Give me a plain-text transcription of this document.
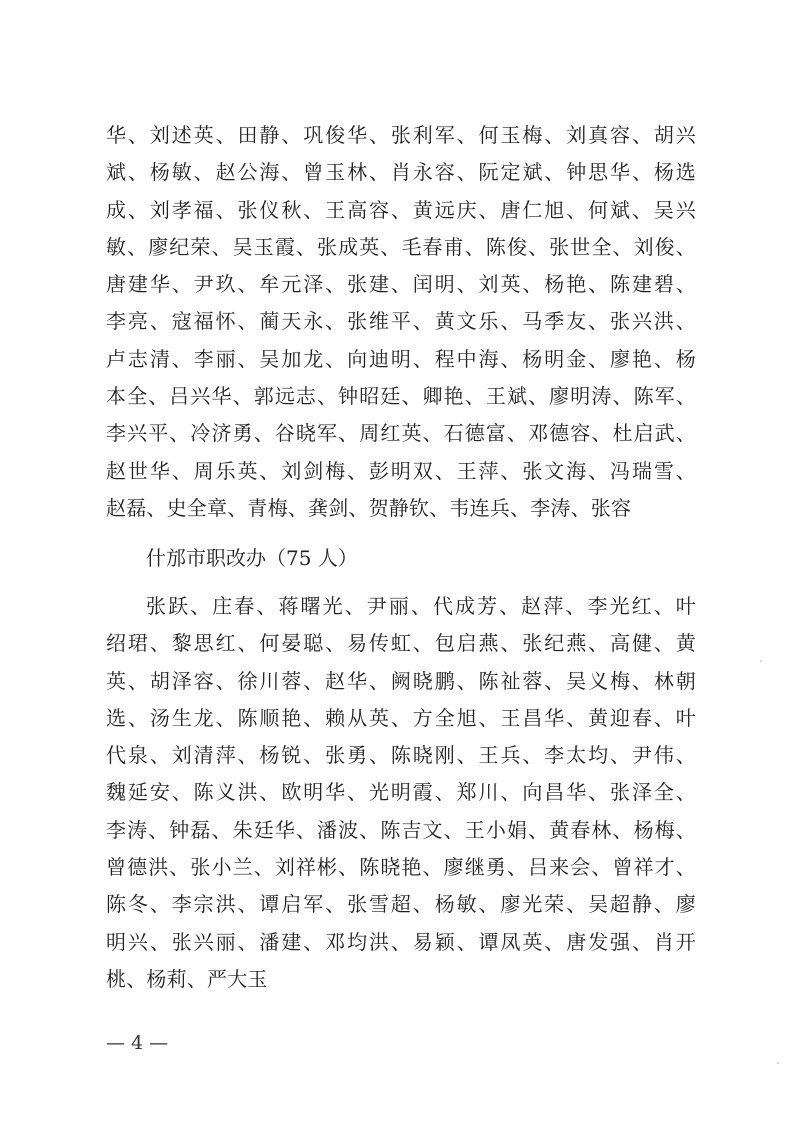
华、刘述英、田静、巩俊华、张利军、何玉梅、刘真容、胡兴
斌、杨敏、赵公海、曾玉林、肖永容、阮定斌、钟思华、杨选
成、刘孝福、张仪秋、王高容、黄远庆、唐仁旭、何斌、吴兴
敏、廖纪荣、吴玉霞、张成英、毛春甫、陈俊、张世全、刘俊、
唐建华、尹玖、牟元泽、张建、闰明、刘英、杨艳、陈建碧、
李亮、寇福怀、蔺天永、张维平、黄文乐、马季友、张兴洪、
卢志清、李丽、吴加龙、向迪明、程中海、杨明金、廖艳、杨
本全、吕兴华、郭远志、钟昭廷、卿艳、王斌、廖明涛、陈军、
李兴平、冷济勇、谷晓军、周红英、石德富、邓德容、杜启武、
赵世华、周乐英、刘剑梅、彭明双、王萍、张文海、冯瑞雪、
赵磊、史全章、青梅、龚剑、贺静钦、韦连兵、李涛、张容
什邡市职改办（75 人）
张跃、庄春、蒋曙光、尹丽、代成芳、赵萍、李光红、叶
绍珺、黎思红、何晏聪、易传虹、包启燕、张纪燕、高健、黄
英、胡泽容、徐川蓉、赵华、阙晓鹏、陈祉蓉、吴义梅、林朝
选、汤生龙、陈顺艳、赖从英、方全旭、王昌华、黄迎春、叶
代泉、刘清萍、杨锐、张勇、陈晓刚、王兵、李太均、尹伟、
魏延安、陈义洪、欧明华、光明霞、郑川、向昌华、张泽全、
李涛、钟磊、朱廷华、潘波、陈吉文、王小娟、黄春林、杨梅、
曾德洪、张小兰、刘祥彬、陈晓艳、廖继勇、吕来会、曾祥才、
陈冬、李宗洪、谭启军、张雪超、杨敏、廖光荣、吴超静、廖
明兴、张兴丽、潘建、邓均洪、易颖、谭凤英、唐发强、肖开
桃、杨莉、严大玉

— 4 —
